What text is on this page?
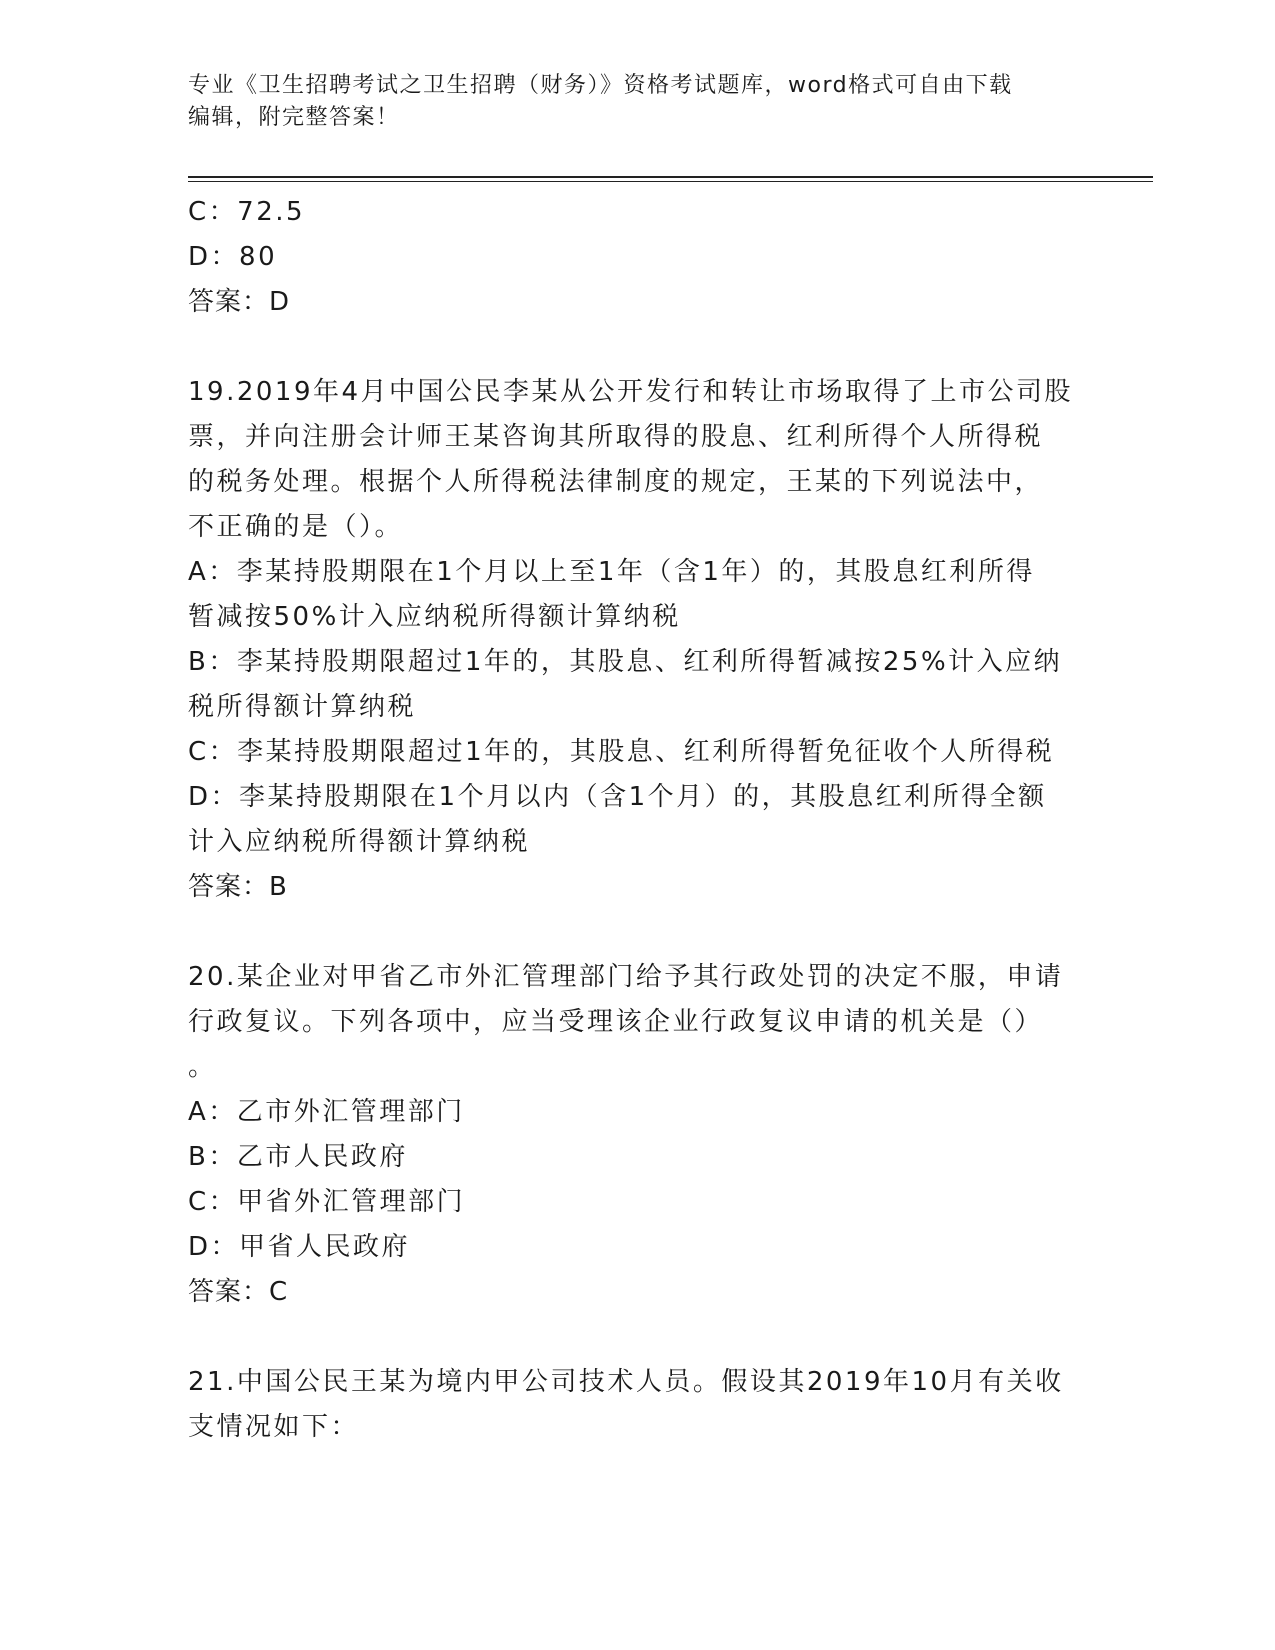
专业《卫生招聘考试之卫生招聘（财务）》资格考试题库，word格式可自由下载
编辑，附完整答案！
C：72.5
D：80
答案：D
19.2019年4月中国公民李某从公开发行和转让市场取得了上市公司股
票，并向注册会计师王某咨询其所取得的股息、红利所得个人所得税
的税务处理。根据个人所得税法律制度的规定，王某的下列说法中，
不正确的是（）。
A：李某持股期限在1个月以上至1年（含1年）的，其股息红利所得
暂减按50%计入应纳税所得额计算纳税
B：李某持股期限超过1年的，其股息、红利所得暂减按25%计入应纳
税所得额计算纳税
C：李某持股期限超过1年的，其股息、红利所得暂免征收个人所得税
D：李某持股期限在1个月以内（含1个月）的，其股息红利所得全额
计入应纳税所得额计算纳税
答案：B
20.某企业对甲省乙市外汇管理部门给予其行政处罚的决定不服，申请
行政复议。下列各项中，应当受理该企业行政复议申请的机关是（）
。
A：乙市外汇管理部门
B：乙市人民政府
C：甲省外汇管理部门
D：甲省人民政府
答案：C
21.中国公民王某为境内甲公司技术人员。假设其2019年10月有关收
支情况如下：
